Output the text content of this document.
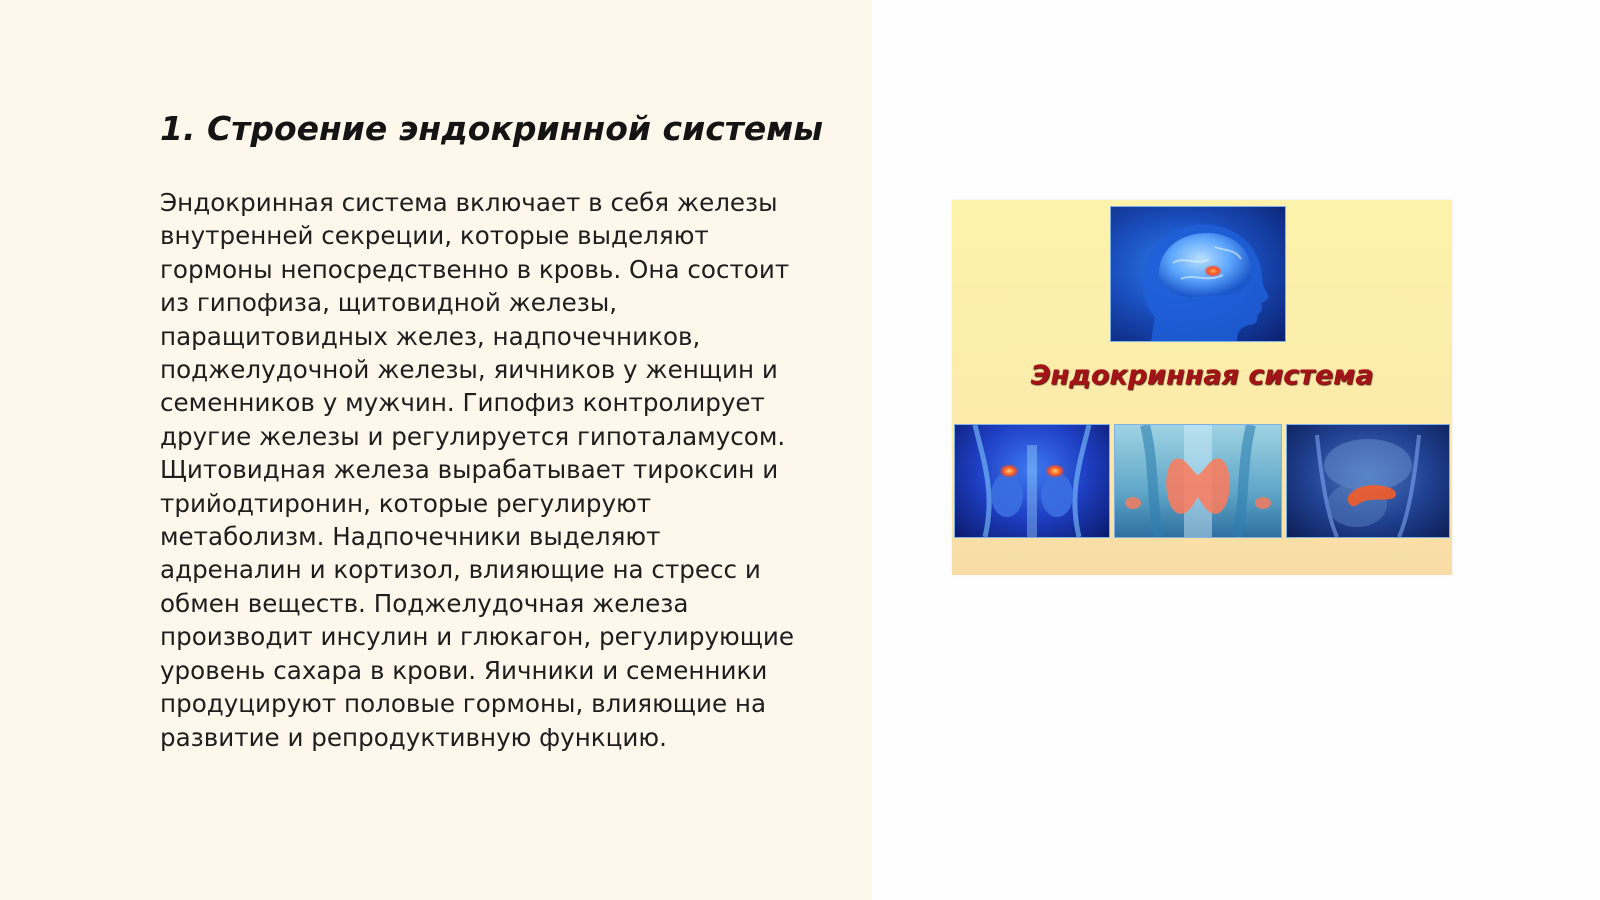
1. Строение эндокринной системы
Эндокринная система включает в себя железы
внутренней секреции, которые выделяют
гормоны непосредственно в кровь. Она состоит
из гипофиза, щитовидной железы,
паращитовидных желез, надпочечников,
поджелудочной железы, яичников у женщин и
семенников у мужчин. Гипофиз контролирует
другие железы и регулируется гипоталамусом.
Щитовидная железа вырабатывает тироксин и
трийодтиронин, которые регулируют
метаболизм. Надпочечники выделяют
адреналин и кортизол, влияющие на стресс и
обмен веществ. Поджелудочная железа
производит инсулин и глюкагон, регулирующие
уровень сахара в крови. Яичники и семенники
продуцируют половые гормоны, влияющие на
развитие и репродуктивную функцию.
Эндокринная система
